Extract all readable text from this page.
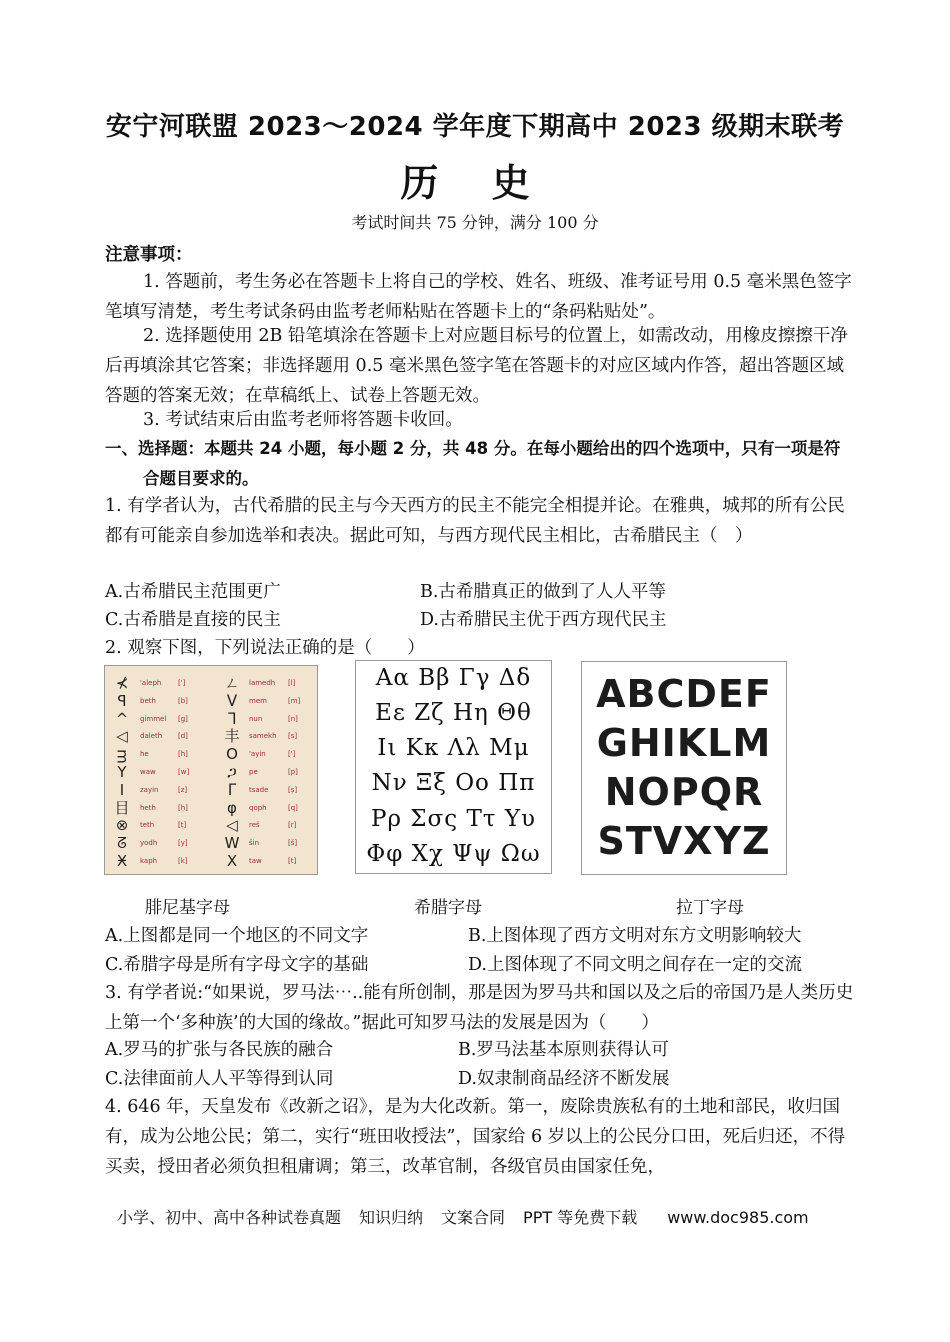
安宁河联盟 2023～2024 学年度下期高中 2023 级期末联考
历 史
考试时间共 75 分钟，满分 100 分
注意事项：
1. 答题前，考生务必在答题卡上将自己的学校、姓名、班级、准考证号用 0.5 毫米黑色签字笔填写清楚，考生考试条码由监考老师粘贴在答题卡上的“条码粘贴处”。
2. 选择题使用 2B 铅笔填涂在答题卡上对应题目标号的位置上，如需改动，用橡皮擦擦干净后再填涂其它答案；非选择题用 0.5 毫米黑色签字笔在答题卡的对应区域内作答，超出答题区域答题的答案无效；在草稿纸上、试卷上答题无效。
3. 考试结束后由监考老师将答题卡收回。
一、选择题：本题共 24 小题，每小题 2 分，共 48 分。在每小题给出的四个选项中，只有一项是符合题目要求的。
1. 有学者认为，古代希腊的民主与今天西方的民主不能完全相提并论。在雅典，城邦的所有公民都有可能亲自参加选举和表决。据此可知，与西方现代民主相比，古希腊民主（　）
A.古希腊民主范围更广	B.古希腊真正的做到了人人平等
C.古希腊是直接的民主	D.古希腊民主优于西方现代民主
2. 观察下图，下列说法正确的是（　　）
⊀	'aleph [']	ㄥ	lamedh [l]
ꟼ	beth	[b]	ᐯ	mem	[m]
^	gimmel [g]	ᒣ	nun	[n]
◁	daleth [d] 丰	samekh [s]
ᴟ	he	[h]	O	'ayin	[']
Y	waw	[w]	ጋ	pe	[p]
I	zayin	[z]	ᒥ	tsade	[ṣ]
目	heth	[ḥ]	φ	qoph	[q]
⊗	teth	[ṭ]	◁	reš	[r]
ᘔ	yodh	[y] W	šin	[š]
Ӿ	kaph	[k]	X	taw	[t]
Αα Ββ Γγ Δδ
Εε Ζζ Ηη Θθ
Ιι Κκ Λλ Μμ
Νν Ξξ Οο Ππ
Ρρ Σσς Ττ Υυ
Φφ Χχ Ψψ Ωω
ABCDEF
GHIKLM
NOPQR
STVXYZ
腓尼基字母	希腊字母	拉丁字母
A.上图都是同一个地区的不同文字	B.上图体现了西方文明对东方文明影响较大
C.希腊字母是所有字母文字的基础	D.上图体现了不同文明之间存在一定的交流
3. 有学者说:“如果说，罗马法⋯..能有所创制，那是因为罗马共和国以及之后的帝国乃是人类历史上第一个‘多种族’的大国的缘故。”据此可知罗马法的发展是因为（　　）
A.罗马的扩张与各民族的融合	B.罗马法基本原则获得认可
C.法律面前人人平等得到认同	D.奴隶制商品经济不断发展
4. 646 年，天皇发布《改新之诏》，是为大化改新。第一，废除贵族私有的土地和部民，收归国有，成为公地公民；第二，实行“班田收授法”，国家给 6 岁以上的公民分口田，死后归还，不得买卖，授田者必须负担租庸调；第三，改革官制，各级官员由国家任免，
小学、初中、高中各种试卷真题 知识归纳 文案合同 PPT 等免费下载 www.doc985.com
